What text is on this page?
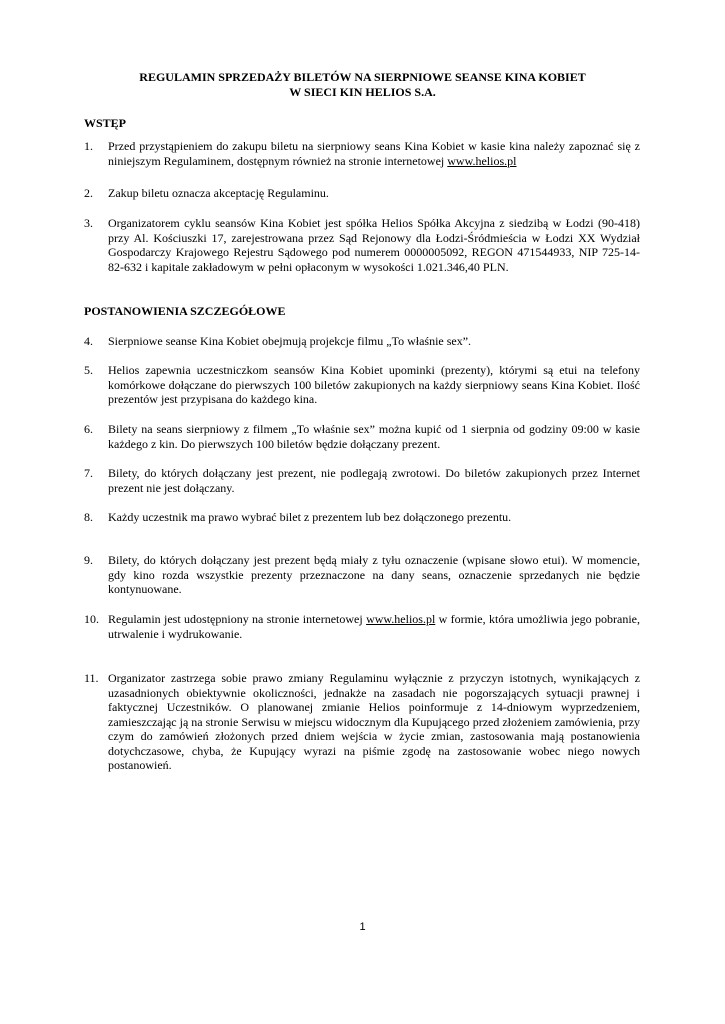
REGULAMIN SPRZEDAŻY BILETÓW NA SIERPNIOWE SEANSE KINA KOBIET
W SIECI KIN HELIOS S.A.
WSTĘP
1. Przed przystąpieniem do zakupu biletu na sierpniowy seans Kina Kobiet w kasie kina należy zapoznać się z niniejszym Regulaminem, dostępnym również na stronie internetowej www.helios.pl
2. Zakup biletu oznacza akceptację Regulaminu.
3. Organizatorem cyklu seansów Kina Kobiet jest spółka Helios Spółka Akcyjna z siedzibą w Łodzi (90-418) przy Al. Kościuszki 17, zarejestrowana przez Sąd Rejonowy dla Łodzi-Śródmieścia w Łodzi XX Wydział Gospodarczy Krajowego Rejestru Sądowego pod numerem 0000005092, REGON 471544933, NIP 725-14-82-632 i kapitale zakładowym w pełni opłaconym w wysokości 1.021.346,40 PLN.
POSTANOWIENIA SZCZEGÓŁOWE
4. Sierpniowe seanse Kina Kobiet obejmują projekcje filmu „To właśnie sex”.
5. Helios zapewnia uczestniczkom seansów Kina Kobiet upominki (prezenty), którymi są etui na telefony komórkowe dołączane do pierwszych 100 biletów zakupionych na każdy sierpniowy seans Kina Kobiet. Ilość prezentów jest przypisana do każdego kina.
6. Bilety na seans sierpniowy z filmem „To właśnie sex” można kupić od 1 sierpnia od godziny 09:00 w kasie każdego z kin. Do pierwszych 100 biletów będzie dołączany prezent.
7. Bilety, do których dołączany jest prezent, nie podlegają zwrotowi. Do biletów zakupionych przez Internet prezent nie jest dołączany.
8. Każdy uczestnik ma prawo wybrać bilet z prezentem lub bez dołączonego prezentu.
9. Bilety, do których dołączany jest prezent będą miały z tyłu oznaczenie (wpisane słowo etui). W momencie, gdy kino rozda wszystkie prezenty przeznaczone na dany seans, oznaczenie sprzedanych nie będzie kontynuowane.
10. Regulamin jest udostępniony na stronie internetowej www.helios.pl w formie, która umożliwia jego pobranie, utrwalenie i wydrukowanie.
11. Organizator zastrzega sobie prawo zmiany Regulaminu wyłącznie z przyczyn istotnych, wynikających z uzasadnionych obiektywnie okoliczności, jednakże na zasadach nie pogorszających sytuacji prawnej i faktycznej Uczestników. O planowanej zmianie Helios poinformuje z 14-dniowym wyprzedzeniem, zamieszczając ją na stronie Serwisu w miejscu widocznym dla Kupującego przed złożeniem zamówienia, przy czym do zamówień złożonych przed dniem wejścia w życie zmian, zastosowania mają postanowienia dotychczasowe, chyba, że Kupujący wyrazi na piśmie zgodę na zastosowanie wobec niego nowych postanowień.
1
